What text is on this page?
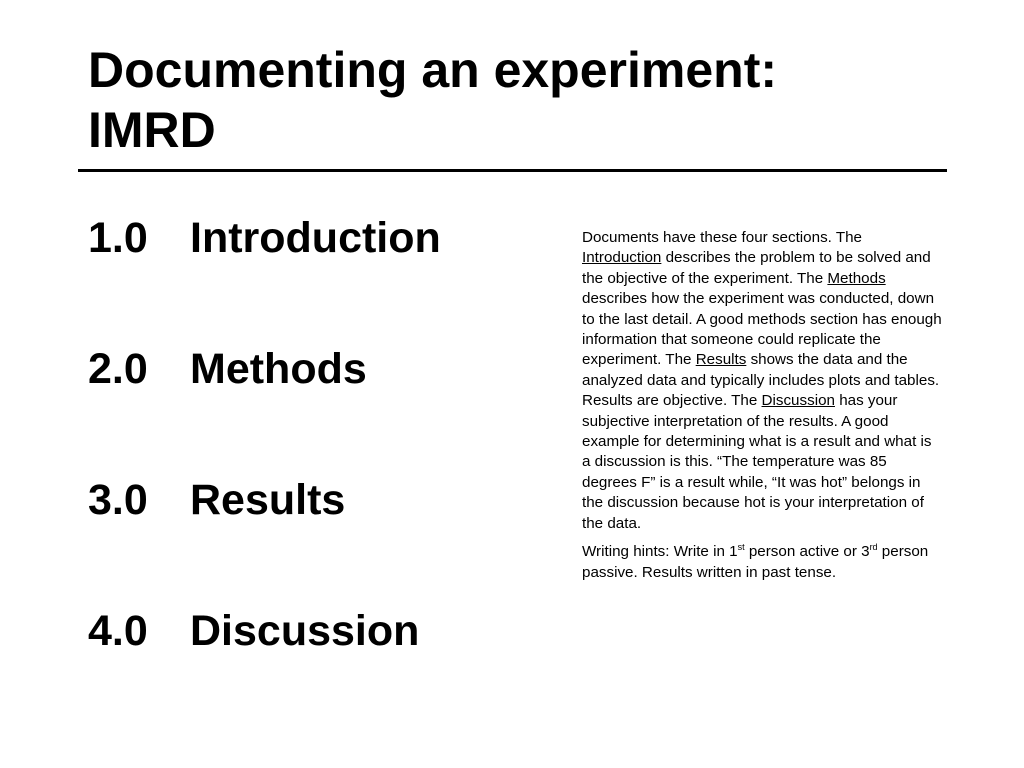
Documenting an experiment:
IMRD
1.0 Introduction
2.0 Methods
3.0 Results
4.0 Discussion

Documents have these four sections. The Introduction describes the problem to be solved and the objective of the experiment. The Methods describes how the experiment was conducted, down to the last detail. A good methods section has enough information that someone could replicate the experiment. The Results shows the data and the analyzed data and typically includes plots and tables. Results are objective. The Discussion has your subjective interpretation of the results. A good example for determining what is a result and what is a discussion is this. “The temperature was 85 degrees F” is a result while, “It was hot” belongs in the discussion because hot is your interpretation of the data.

Writing hints: Write in 1st person active or 3rd person passive. Results written in past tense.
